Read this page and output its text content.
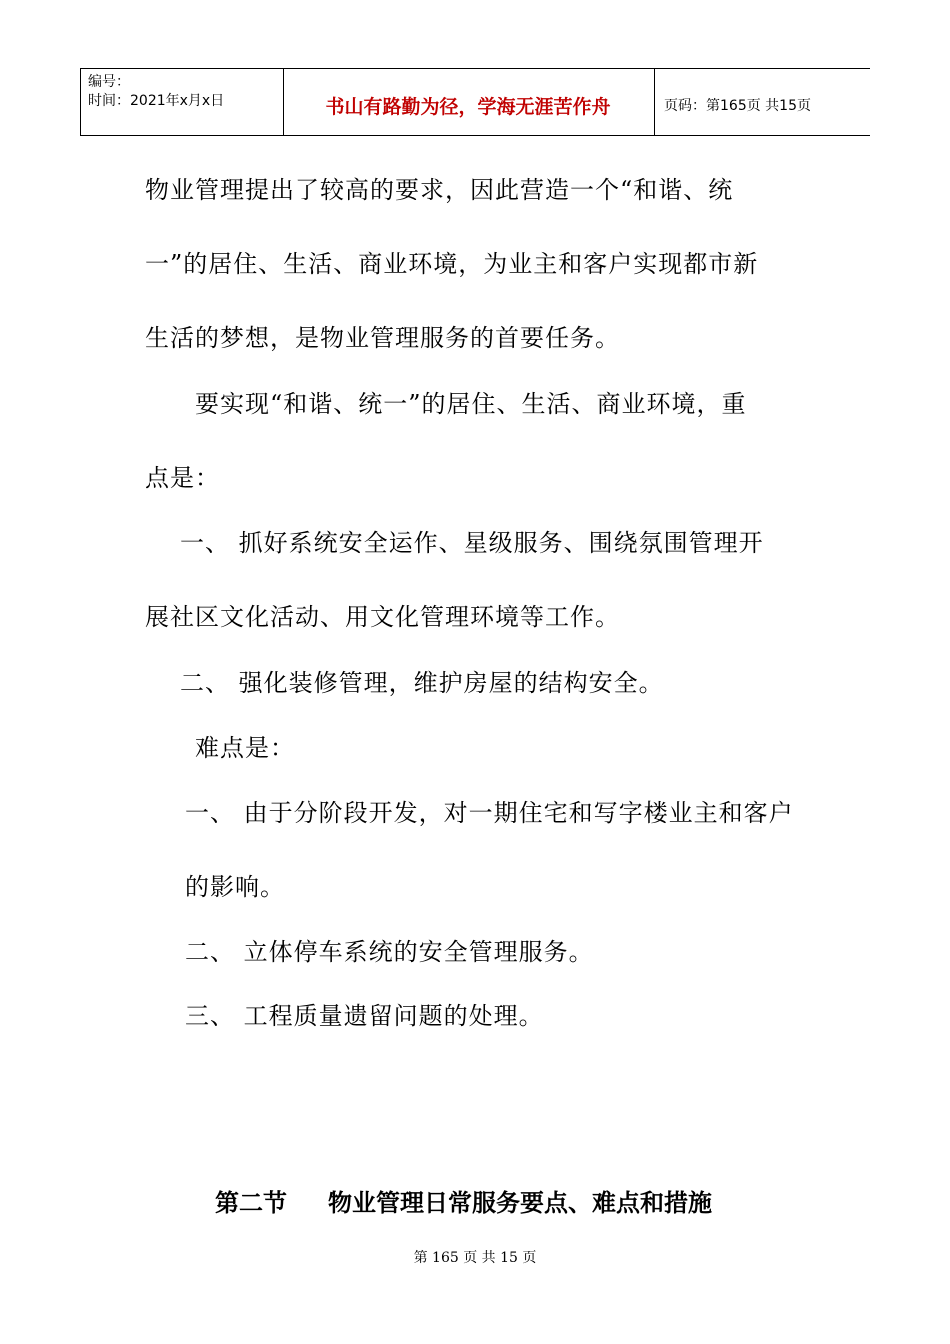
编号：
时间：2021年x月x日	书山有路勤为径，学海无涯苦作舟	页码：第165页 共15页
物业管理提出了较高的要求，因此营造一个“和谐、统
一”的居住、生活、商业环境，为业主和客户实现都市新
生活的梦想，是物业管理服务的首要任务。
要实现“和谐、统一”的居住、生活、商业环境，重
点是：
一、 抓好系统安全运作、星级服务、围绕氛围管理开
展社区文化活动、用文化管理环境等工作。
二、 强化装修管理，维护房屋的结构安全。
难点是：
一、 由于分阶段开发，对一期住宅和写字楼业主和客户
的影响。
二、 立体停车系统的安全管理服务。
三、 工程质量遗留问题的处理。
第二节 物业管理日常服务要点、难点和措施
第 165 页 共 15 页
